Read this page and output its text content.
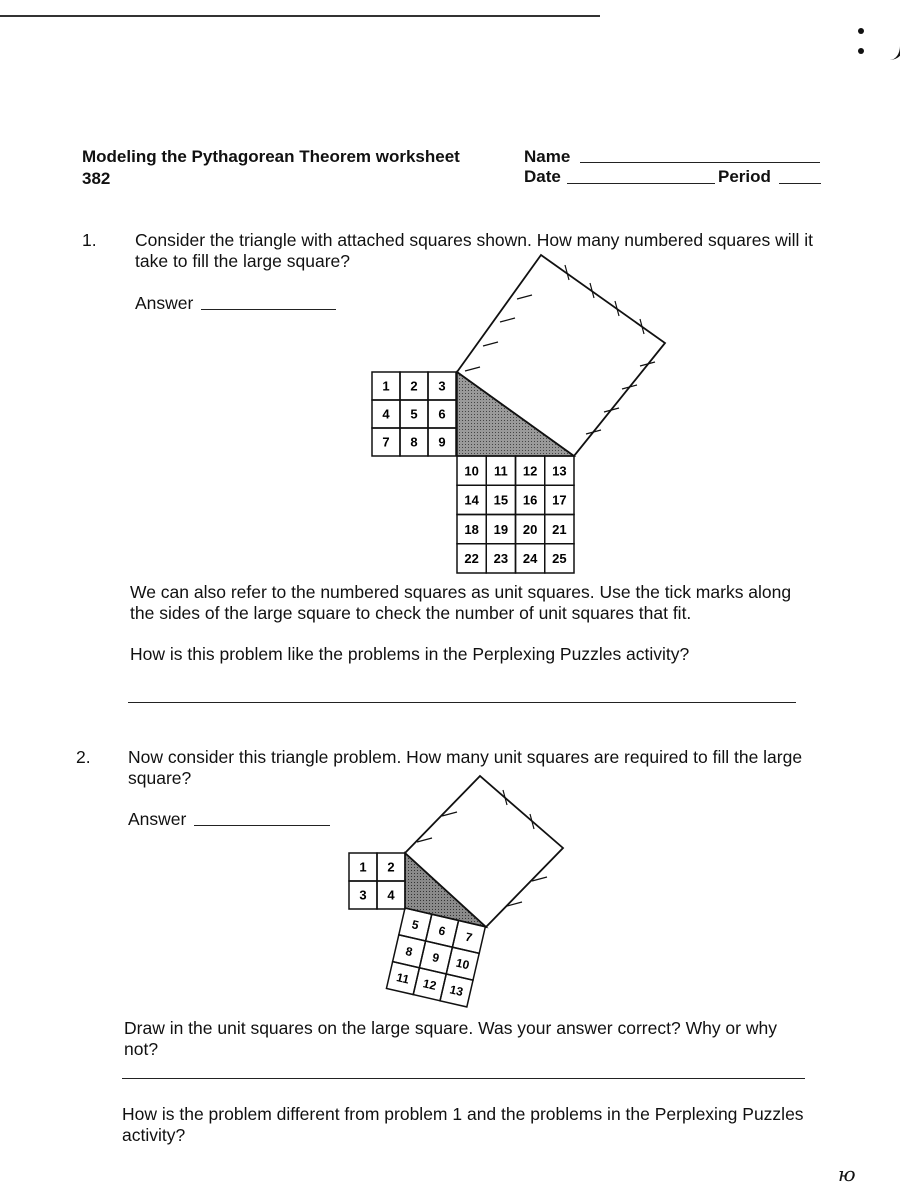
Modeling the Pythagorean Theorem worksheet
382
Name
Date	Period
1. Consider the triangle with attached squares shown. How many numbered squares will it take to fill the large square?
Answer
1 2 3
4 5 6
7 8 9
10 11 12 13
14 15 16 17
18 19 20 21
22 23 24 25
We can also refer to the numbered squares as unit squares. Use the tick marks along the sides of the large square to check the number of unit squares that fit.
How is this problem like the problems in the Perplexing Puzzles activity?
2. Now consider this triangle problem. How many unit squares are required to fill the large square?
Answer
1 2
3 4
5 6 7
8 9 10
11 12 13
Draw in the unit squares on the large square. Was your answer correct? Why or why not?
How is the problem different from problem 1 and the problems in the Perplexing Puzzles activity?
ю
